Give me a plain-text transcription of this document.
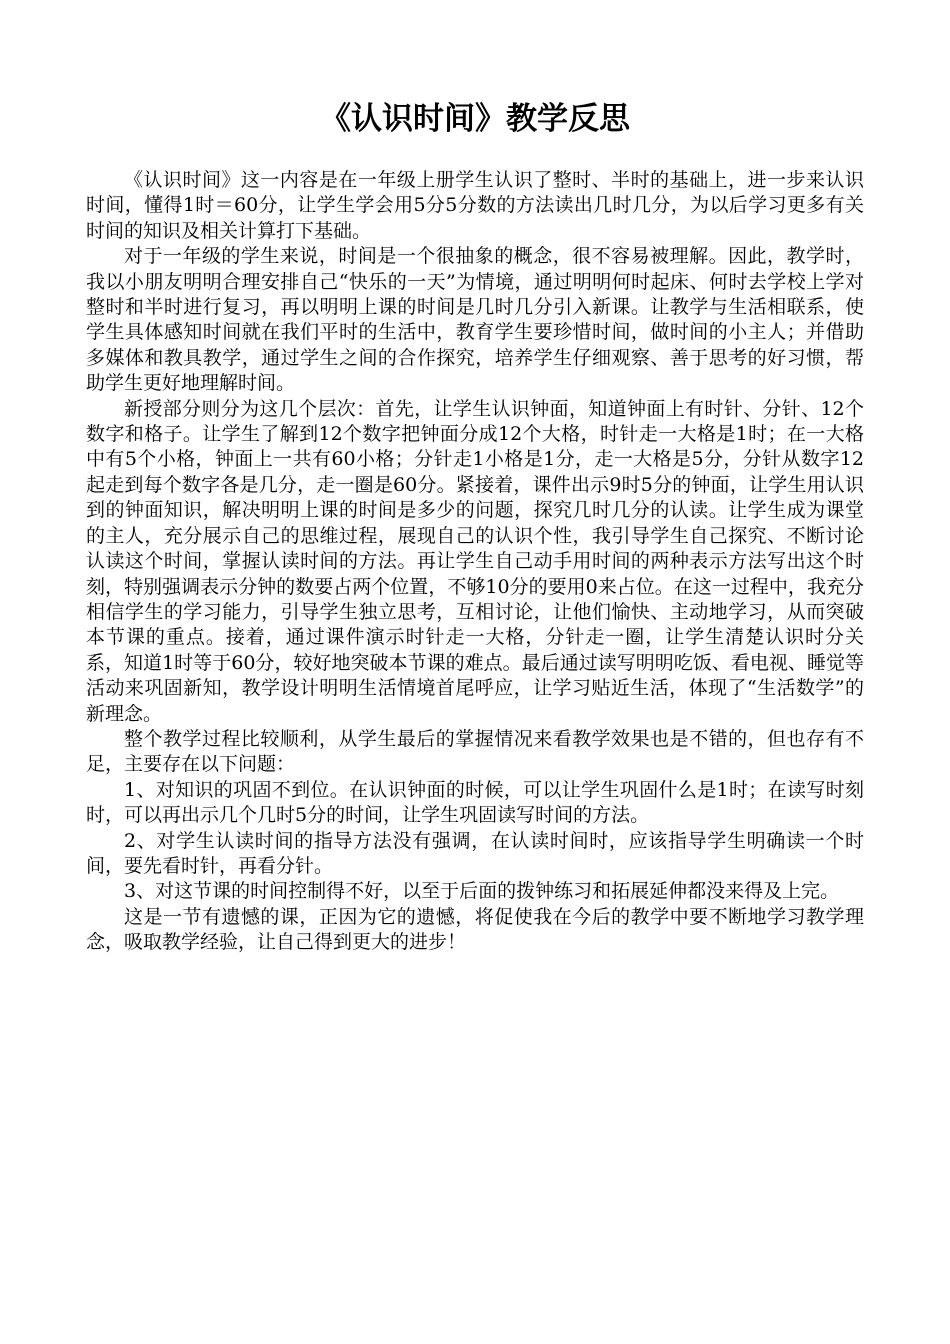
《认识时间》教学反思

《认识时间》这一内容是在一年级上册学生认识了整时、半时的基础上，进一步来认识时间，懂得1时＝60分，让学生学会用5分5分数的方法读出几时几分，为以后学习更多有关时间的知识及相关计算打下基础。

对于一年级的学生来说，时间是一个很抽象的概念，很不容易被理解。因此，教学时，我以小朋友明明合理安排自己“快乐的一天”为情境，通过明明何时起床、何时去学校上学对整时和半时进行复习，再以明明上课的时间是几时几分引入新课。让教学与生活相联系，使学生具体感知时间就在我们平时的生活中，教育学生要珍惜时间，做时间的小主人；并借助多媒体和教具教学，通过学生之间的合作探究，培养学生仔细观察、善于思考的好习惯，帮助学生更好地理解时间。

新授部分则分为这几个层次：首先，让学生认识钟面，知道钟面上有时针、分针、12个数字和格子。让学生了解到12个数字把钟面分成12个大格，时针走一大格是1时；在一大格中有5个小格，钟面上一共有60小格；分针走1小格是1分，走一大格是5分，分针从数字12起走到每个数字各是几分，走一圈是60分。紧接着，课件出示9时5分的钟面，让学生用认识到的钟面知识，解决明明上课的时间是多少的问题，探究几时几分的认读。让学生成为课堂的主人，充分展示自己的思维过程，展现自己的认识个性，我引导学生自己探究、不断讨论认读这个时间，掌握认读时间的方法。再让学生自己动手用时间的两种表示方法写出这个时刻，特别强调表示分钟的数要占两个位置，不够10分的要用0来占位。在这一过程中，我充分相信学生的学习能力，引导学生独立思考，互相讨论，让他们愉快、主动地学习，从而突破本节课的重点。接着，通过课件演示时针走一大格，分针走一圈，让学生清楚认识时分关系，知道1时等于60分，较好地突破本节课的难点。最后通过读写明明吃饭、看电视、睡觉等活动来巩固新知，教学设计明明生活情境首尾呼应，让学习贴近生活，体现了“生活数学”的新理念。

整个教学过程比较顺利，从学生最后的掌握情况来看教学效果也是不错的，但也存有不足，主要存在以下问题：

1、对知识的巩固不到位。在认识钟面的时候，可以让学生巩固什么是1时；在读写时刻时，可以再出示几个几时5分的时间，让学生巩固读写时间的方法。

2、对学生认读时间的指导方法没有强调，在认读时间时，应该指导学生明确读一个时间，要先看时针，再看分针。

3、对这节课的时间控制得不好，以至于后面的拨钟练习和拓展延伸都没来得及上完。

这是一节有遗憾的课，正因为它的遗憾，将促使我在今后的教学中要不断地学习教学理念，吸取教学经验，让自己得到更大的进步！
